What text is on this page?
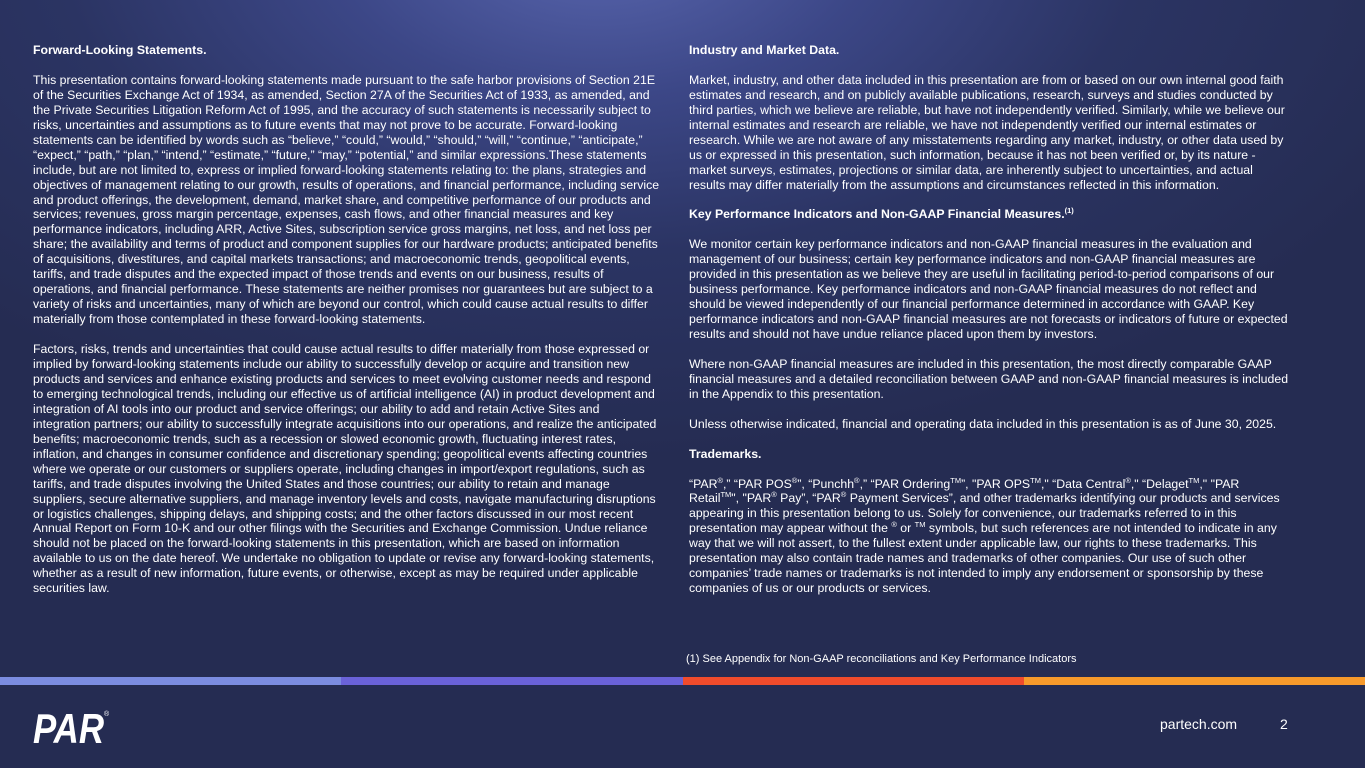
Forward-Looking Statements.

This presentation contains forward-looking statements made pursuant to the safe harbor provisions of Section 21E of the Securities Exchange Act of 1934, as amended, Section 27A of the Securities Act of 1933, as amended, and the Private Securities Litigation Reform Act of 1995, and the accuracy of such statements is necessarily subject to risks, uncertainties and assumptions as to future events that may not prove to be accurate. Forward-looking statements can be identified by words such as “believe,” “could,” “would,” “should,” “will,” “continue,” “anticipate,” “expect,” “path,” “plan,” “intend,” “estimate,” “future,” “may,” “potential,” and similar expressions.These statements include, but are not limited to, express or implied forward-looking statements relating to: the plans, strategies and objectives of management relating to our growth, results of operations, and financial performance, including service and product offerings, the development, demand, market share, and competitive performance of our products and services; revenues, gross margin percentage, expenses, cash flows, and other financial measures and key performance indicators, including ARR, Active Sites, subscription service gross margins, net loss, and net loss per share; the availability and terms of product and component supplies for our hardware products; anticipated benefits of acquisitions, divestitures, and capital markets transactions; and macroeconomic trends, geopolitical events, tariffs, and trade disputes and the expected impact of those trends and events on our business, results of operations, and financial performance. These statements are neither promises nor guarantees but are subject to a variety of risks and uncertainties, many of which are beyond our control, which could cause actual results to differ materially from those contemplated in these forward-looking statements.

Factors, risks, trends and uncertainties that could cause actual results to differ materially from those expressed or implied by forward-looking statements include our ability to successfully develop or acquire and transition new products and services and enhance existing products and services to meet evolving customer needs and respond to emerging technological trends, including our effective us of artificial intelligence (AI) in product development and integration of AI tools into our product and service offerings; our ability to add and retain Active Sites and integration partners; our ability to successfully integrate acquisitions into our operations, and realize the anticipated benefits; macroeconomic trends, such as a recession or slowed economic growth, fluctuating interest rates, inflation, and changes in consumer confidence and discretionary spending; geopolitical events affecting countries where we operate or our customers or suppliers operate, including changes in import/export regulations, such as tariffs, and trade disputes involving the United States and those countries; our ability to retain and manage suppliers, secure alternative suppliers, and manage inventory levels and costs, navigate manufacturing disruptions or logistics challenges, shipping delays, and shipping costs; and the other factors discussed in our most recent Annual Report on Form 10-K and our other filings with the Securities and Exchange Commission. Undue reliance should not be placed on the forward-looking statements in this presentation, which are based on information available to us on the date hereof. We undertake no obligation to update or revise any forward-looking statements, whether as a result of new information, future events, or otherwise, except as may be required under applicable securities law.

Industry and Market Data.

Market, industry, and other data included in this presentation are from or based on our own internal good faith estimates and research, and on publicly available publications, research, surveys and studies conducted by third parties, which we believe are reliable, but have not independently verified. Similarly, while we believe our internal estimates and research are reliable, we have not independently verified our internal estimates or research. While we are not aware of any misstatements regarding any market, industry, or other data used by us or expressed in this presentation, such information, because it has not been verified or, by its nature - market surveys, estimates, projections or similar data, are inherently subject to uncertainties, and actual results may differ materially from the assumptions and circumstances reflected in this information.

Key Performance Indicators and Non-GAAP Financial Measures.$^{(1)}$

We monitor certain key performance indicators and non-GAAP financial measures in the evaluation and management of our business; certain key performance indicators and non-GAAP financial measures are provided in this presentation as we believe they are useful in facilitating period-to-period comparisons of our business performance. Key performance indicators and non-GAAP financial measures do not reflect and should be viewed independently of our financial performance determined in accordance with GAAP. Key performance indicators and non-GAAP financial measures are not forecasts or indicators of future or expected results and should not have undue reliance placed upon them by investors.

Where non-GAAP financial measures are included in this presentation, the most directly comparable GAAP financial measures and a detailed reconciliation between GAAP and non-GAAP financial measures is included in the Appendix to this presentation.

Unless otherwise indicated, financial and operating data included in this presentation is as of June 30, 2025.

Trademarks.

“PAR®,” “PAR POS®”, “Punchh®,” “PAR Ordering™”, "PAR OPS™," “Data Central®," “Delaget™," "PAR Retail™", "PAR® Pay”, “PAR® Payment Services”, and other trademarks identifying our products and services appearing in this presentation belong to us. Solely for convenience, our trademarks referred to in this presentation may appear without the ® or ™ symbols, but such references are not intended to indicate in any way that we will not assert, to the fullest extent under applicable law, our rights to these trademarks. This presentation may also contain trade names and trademarks of other companies. Our use of such other companies’ trade names or trademarks is not intended to imply any endorsement or sponsorship by these companies of us or our products or services.

(1) See Appendix for Non-GAAP reconciliations and Key Performance Indicators

PAR ®

partech.com	2
